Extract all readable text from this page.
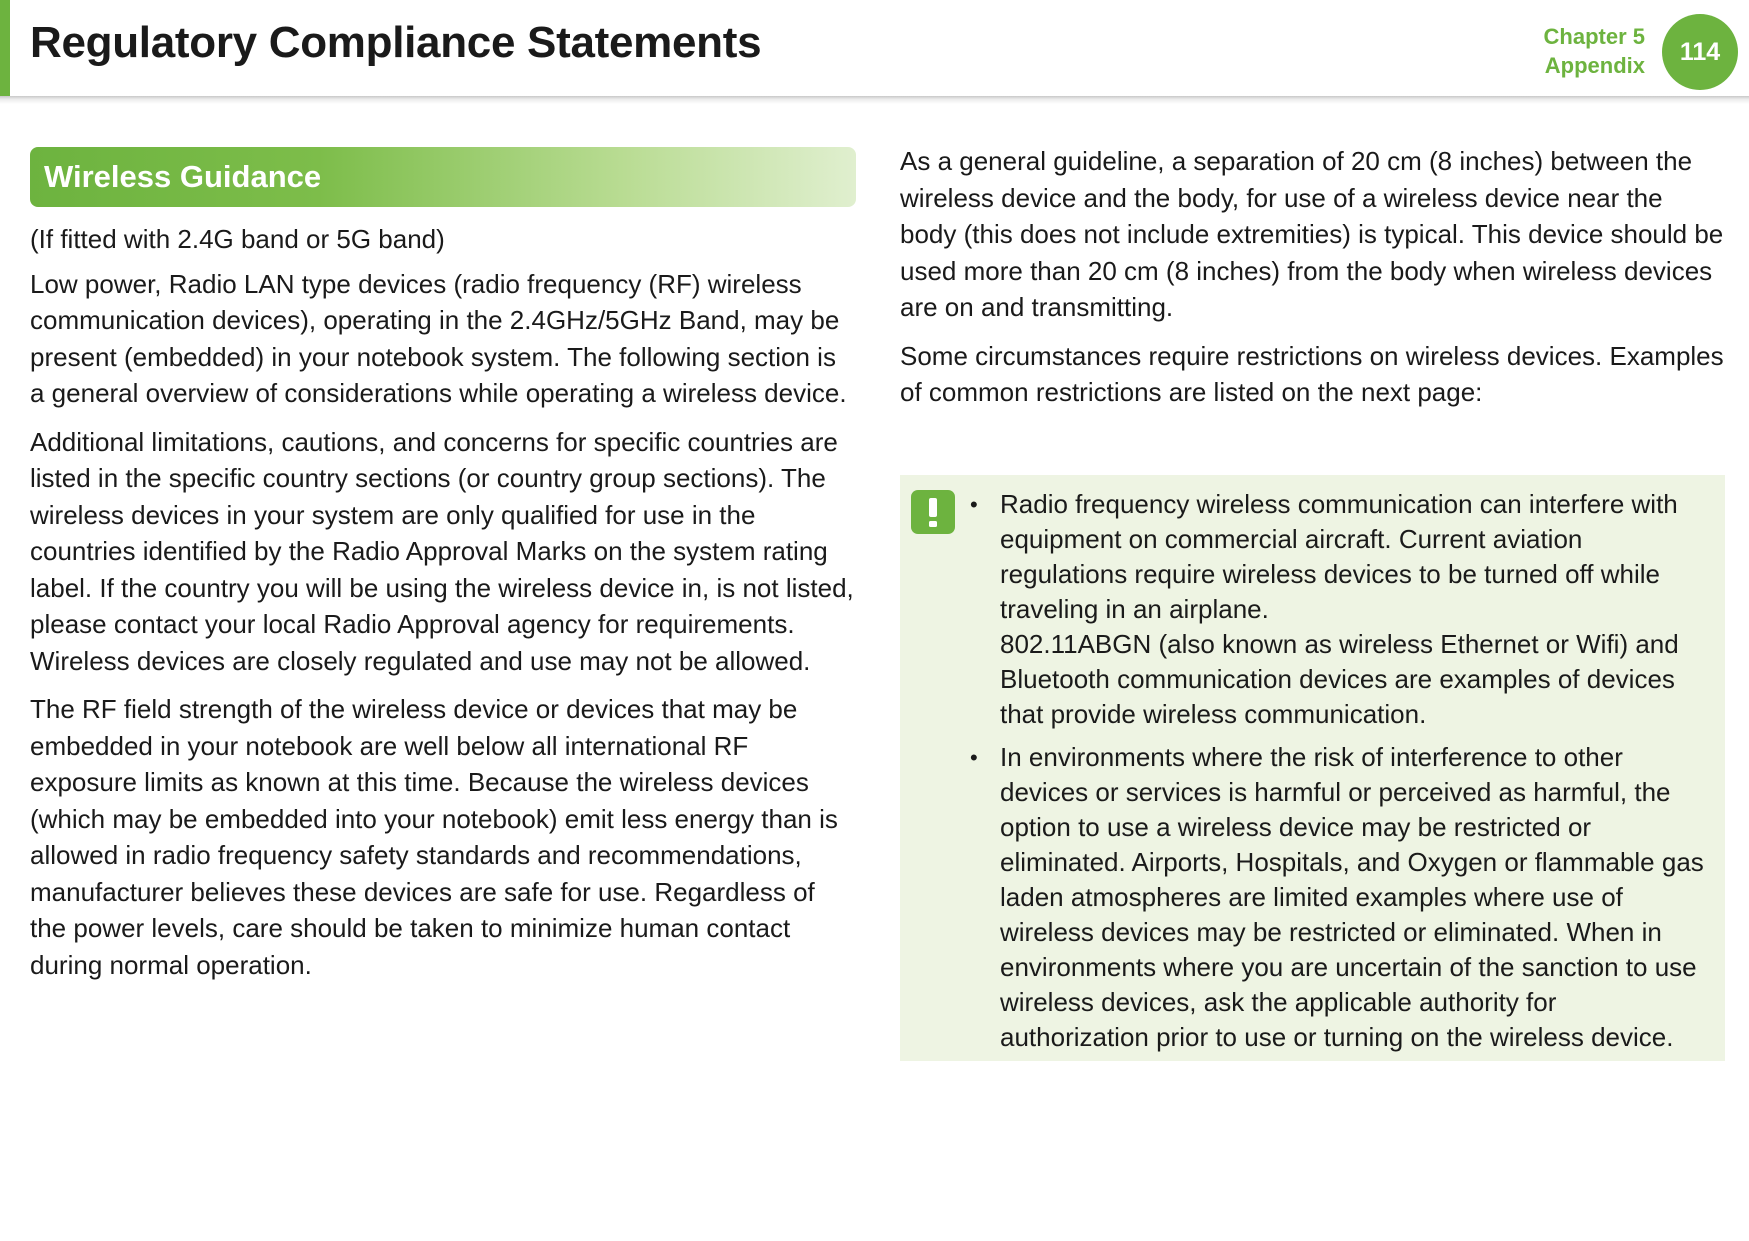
Regulatory Compliance Statements	Chapter 5
Appendix	114
Wireless Guidance

(If fitted with 2.4G band or 5G band)

Low power, Radio LAN type devices (radio frequency (RF) wireless communication devices), operating in the 2.4GHz/5GHz Band, may be present (embedded) in your notebook system. The following section is a general overview of considerations while operating a wireless device.

Additional limitations, cautions, and concerns for specific countries are listed in the specific country sections (or country group sections). The wireless devices in your system are only qualified for use in the countries identified by the Radio Approval Marks on the system rating label. If the country you will be using the wireless device in, is not listed, please contact your local Radio Approval agency for requirements. Wireless devices are closely regulated and use may not be allowed.

The RF field strength of the wireless device or devices that may be embedded in your notebook are well below all international RF exposure limits as known at this time. Because the wireless devices (which may be embedded into your notebook) emit less energy than is allowed in radio frequency safety standards and recommendations, manufacturer believes these devices are safe for use. Regardless of the power levels, care should be taken to minimize human contact during normal operation.

As a general guideline, a separation of 20 cm (8 inches) between the wireless device and the body, for use of a wireless device near the body (this does not include extremities) is typical. This device should be used more than 20 cm (8 inches) from the body when wireless devices are on and transmitting.

Some circumstances require restrictions on wireless devices. Examples of common restrictions are listed on the next page:

• Radio frequency wireless communication can interfere with equipment on commercial aircraft. Current aviation regulations require wireless devices to be turned off while traveling in an airplane.
802.11ABGN (also known as wireless Ethernet or Wifi) and Bluetooth communication devices are examples of devices that provide wireless communication.
• In environments where the risk of interference to other devices or services is harmful or perceived as harmful, the option to use a wireless device may be restricted or eliminated. Airports, Hospitals, and Oxygen or flammable gas laden atmospheres are limited examples where use of wireless devices may be restricted or eliminated. When in environments where you are uncertain of the sanction to use wireless devices, ask the applicable authority for authorization prior to use or turning on the wireless device.
